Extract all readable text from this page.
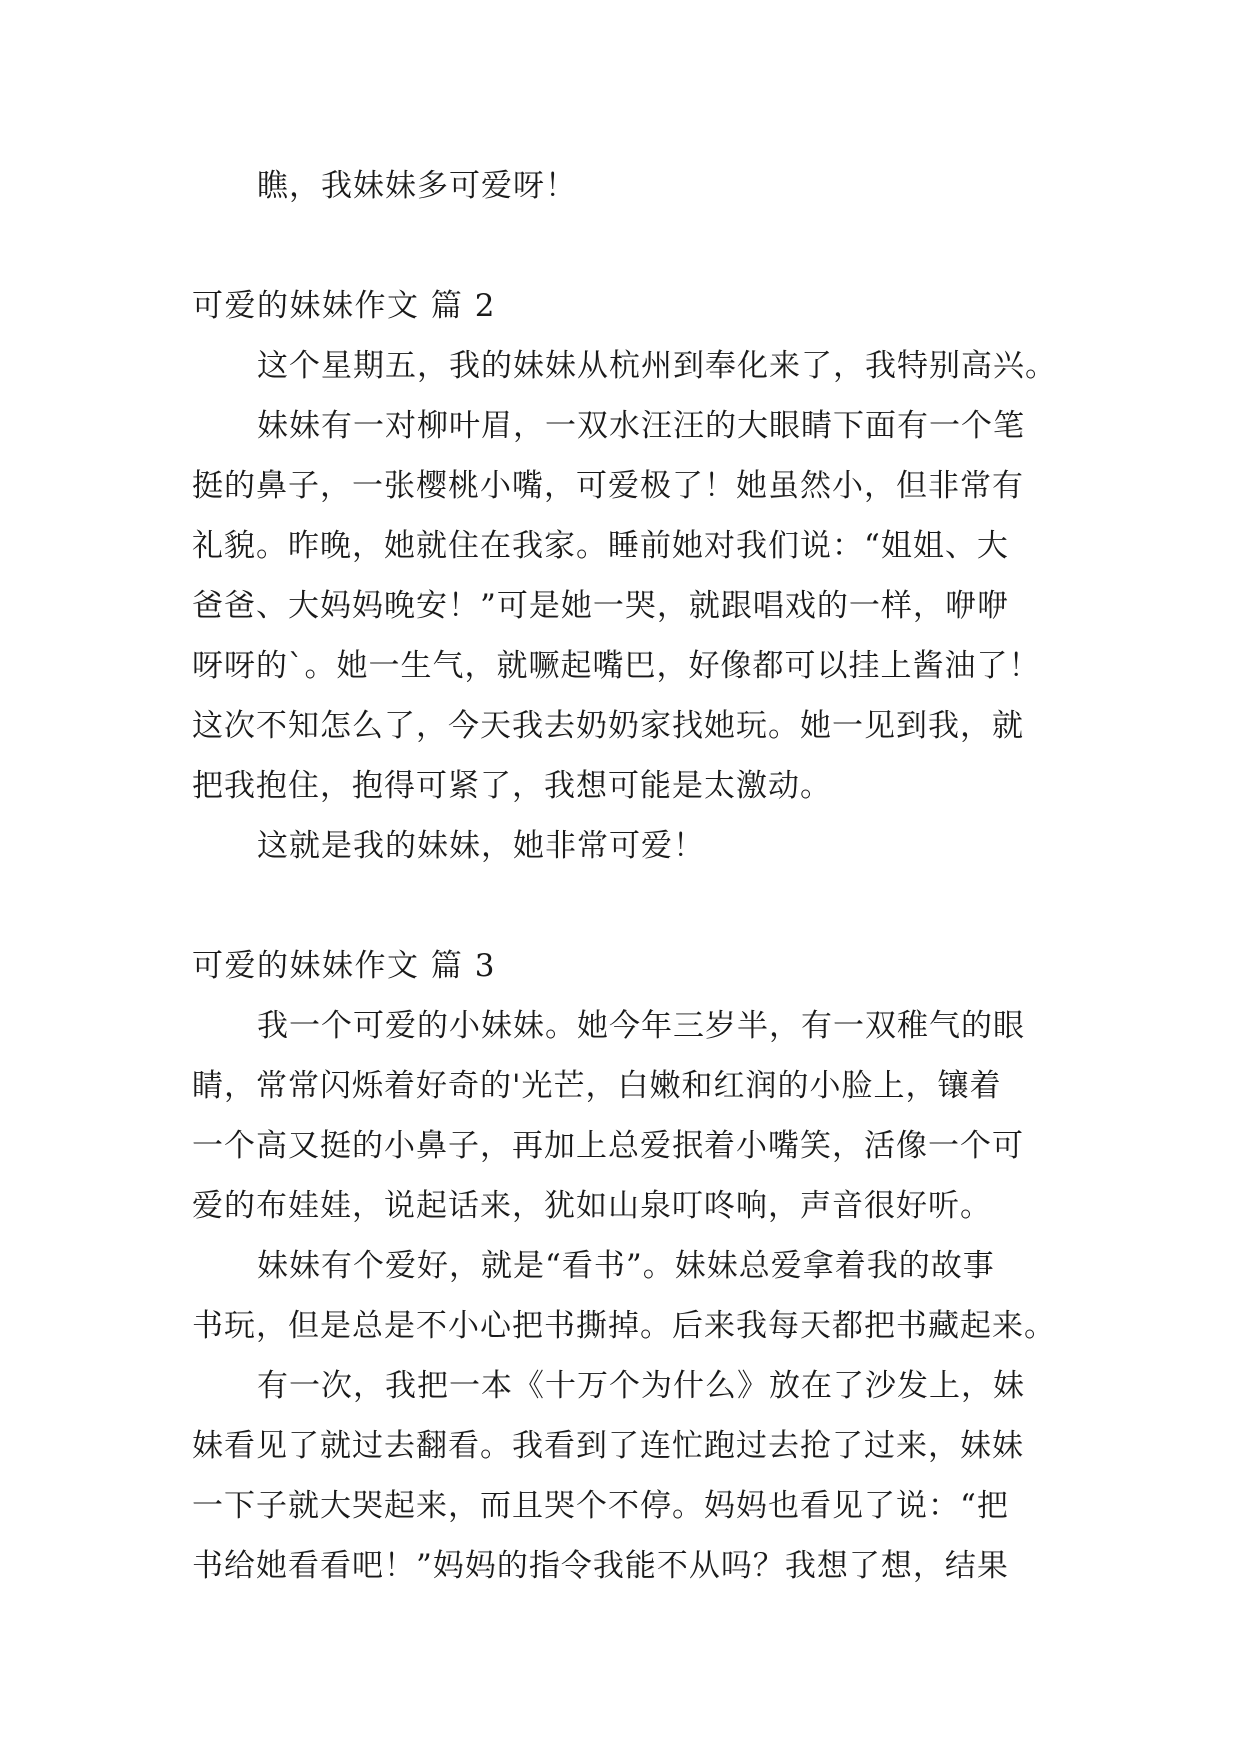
瞧，我妹妹多可爱呀！
可爱的妹妹作文 篇 2
这个星期五，我的妹妹从杭州到奉化来了，我特别高兴。
妹妹有一对柳叶眉，一双水汪汪的大眼睛下面有一个笔
挺的鼻子，一张樱桃小嘴，可爱极了！她虽然小，但非常有
礼貌。昨晚，她就住在我家。睡前她对我们说：“姐姐、大
爸爸、大妈妈晚安！”可是她一哭，就跟唱戏的一样，咿咿
呀呀的`。她一生气，就噘起嘴巴，好像都可以挂上酱油了！
这次不知怎么了，今天我去奶奶家找她玩。她一见到我，就
把我抱住，抱得可紧了，我想可能是太激动。
这就是我的妹妹，她非常可爱！
可爱的妹妹作文 篇 3
我一个可爱的小妹妹。她今年三岁半，有一双稚气的眼
睛，常常闪烁着好奇的'光芒，白嫩和红润的小脸上，镶着
一个高又挺的小鼻子，再加上总爱抿着小嘴笑，活像一个可
爱的布娃娃，说起话来，犹如山泉叮咚响，声音很好听。
妹妹有个爱好，就是“看书”。妹妹总爱拿着我的故事
书玩，但是总是不小心把书撕掉。后来我每天都把书藏起来。
有一次，我把一本《十万个为什么》放在了沙发上，妹
妹看见了就过去翻看。我看到了连忙跑过去抢了过来，妹妹
一下子就大哭起来，而且哭个不停。妈妈也看见了说：“把
书给她看看吧！”妈妈的指令我能不从吗？我想了想，结果
